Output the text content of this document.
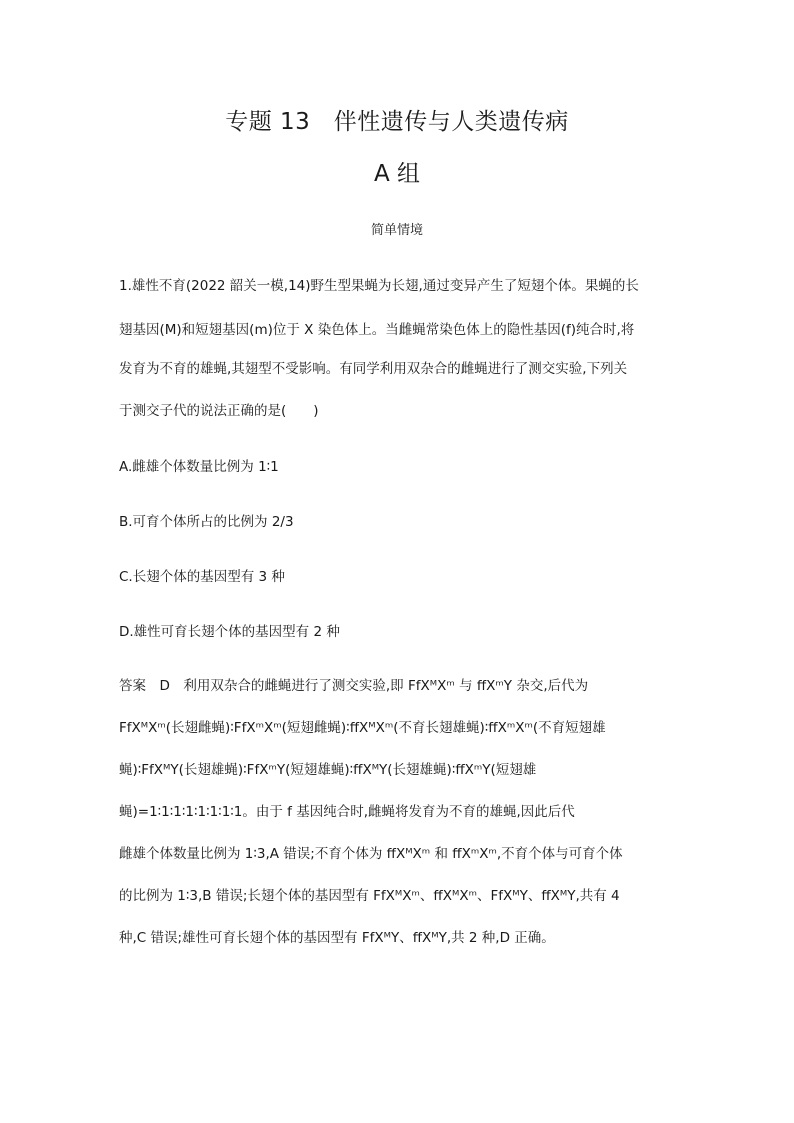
专题 13　伴性遗传与人类遗传病
A 组
简单情境
1.雄性不育(2022 韶关一模,14)野生型果蝇为长翅,通过变异产生了短翅个体。果蝇的长
翅基因(M)和短翅基因(m)位于 X 染色体上。当雌蝇常染色体上的隐性基因(f)纯合时,将
发育为不育的雄蝇,其翅型不受影响。有同学利用双杂合的雌蝇进行了测交实验,下列关
于测交子代的说法正确的是(　　)
A.雌雄个体数量比例为 1∶1
B.可育个体所占的比例为 2/3
C.长翅个体的基因型有 3 种
D.雄性可育长翅个体的基因型有 2 种
答案　D　利用双杂合的雌蝇进行了测交实验,即 FfXᴹXᵐ 与 ffXᵐY 杂交,后代为
FfXᴹXᵐ(长翅雌蝇)∶FfXᵐXᵐ(短翅雌蝇)∶ffXᴹXᵐ(不育长翅雄蝇)∶ffXᵐXᵐ(不育短翅雄
蝇)∶FfXᴹY(长翅雄蝇)∶FfXᵐY(短翅雄蝇)∶ffXᴹY(长翅雄蝇)∶ffXᵐY(短翅雄
蝇)=1∶1∶1∶1∶1∶1∶1∶1。由于 f 基因纯合时,雌蝇将发育为不育的雄蝇,因此后代
雌雄个体数量比例为 1∶3,A 错误;不育个体为 ffXᴹXᵐ 和 ffXᵐXᵐ,不育个体与可育个体
的比例为 1∶3,B 错误;长翅个体的基因型有 FfXᴹXᵐ、ffXᴹXᵐ、FfXᴹY、ffXᴹY,共有 4
种,C 错误;雄性可育长翅个体的基因型有 FfXᴹY、ffXᴹY,共 2 种,D 正确。
